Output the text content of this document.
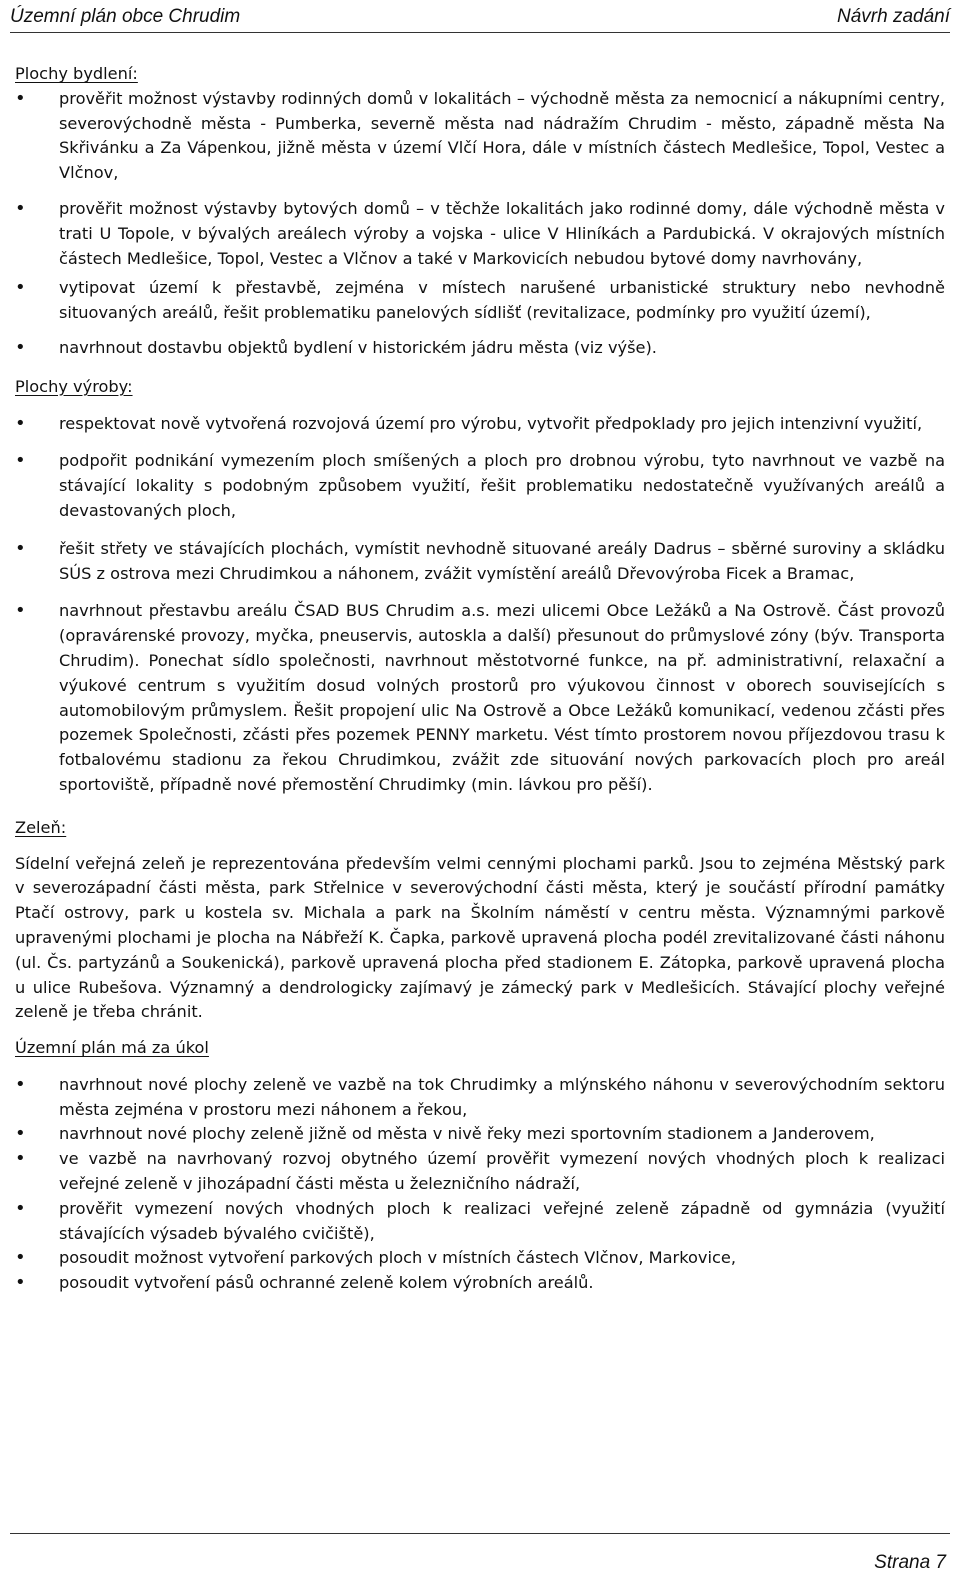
Územní plán obce Chrudim	Návrh zadání
Plochy bydlení:
• prověřit možnost výstavby rodinných domů v lokalitách – východně města za nemocnicí a nákupními centry, severovýchodně města - Pumberka, severně města nad nádražím Chrudim - město, západně města Na Skřivánku a Za Vápenkou, jižně města v území Vlčí Hora, dále v místních částech Medlešice, Topol, Vestec a Vlčnov,
• prověřit možnost výstavby bytových domů – v těchže lokalitách jako rodinné domy, dále východně města v trati U Topole, v bývalých areálech výroby a vojska - ulice V Hliníkách a Pardubická. V okrajových místních částech Medlešice, Topol, Vestec a Vlčnov a také v Markovicích nebudou bytové domy navrhovány,
• vytipovat území k přestavbě, zejména v místech narušené urbanistické struktury nebo nevhodně situovaných areálů, řešit problematiku panelových sídlišť (revitalizace, podmínky pro využití území),
• navrhnout dostavbu objektů bydlení v historickém jádru města (viz výše).
Plochy výroby:
• respektovat nově vytvořená rozvojová území pro výrobu, vytvořit předpoklady pro jejich intenzivní využití,
• podpořit podnikání vymezením ploch smíšených a ploch pro drobnou výrobu, tyto navrhnout ve vazbě na stávající lokality s podobným způsobem využití, řešit problematiku nedostatečně využívaných areálů a devastovaných ploch,
• řešit střety ve stávajících plochách, vymístit nevhodně situované areály Dadrus – sběrné suroviny a skládku SÚS z ostrova mezi Chrudimkou a náhonem, zvážit vymístění areálů Dřevovýroba Ficek a Bramac,
• navrhnout přestavbu areálu ČSAD BUS Chrudim a.s. mezi ulicemi Obce Ležáků a Na Ostrově. Část provozů (opravárenské provozy, myčka, pneuservis, autoskla a další) přesunout do průmyslové zóny (býv. Transporta Chrudim). Ponechat sídlo společnosti, navrhnout městotvorné funkce, na př. administrativní, relaxační a výukové centrum s využitím dosud volných prostorů pro výukovou činnost v oborech souvisejících s automobilovým průmyslem. Řešit propojení ulic Na Ostrově a Obce Ležáků komunikací, vedenou zčásti přes pozemek Společnosti, zčásti přes pozemek PENNY marketu. Vést tímto prostorem novou příjezdovou trasu k fotbalovému stadionu za řekou Chrudimkou, zvážit zde situování nových parkovacích ploch pro areál sportoviště, případně nové přemostění Chrudimky (min. lávkou pro pěší).
Zeleň:
Sídelní veřejná zeleň je reprezentována především velmi cennými plochami parků. Jsou to zejména Městský park v severozápadní části města, park Střelnice v severovýchodní části města, který je součástí přírodní památky Ptačí ostrovy, park u kostela sv. Michala a park na Školním náměstí v centru města. Významnými parkově upravenými plochami je plocha na Nábřeží K. Čapka, parkově upravená plocha podél zrevitalizované části náhonu (ul. Čs. partyzánů a Soukenická), parkově upravená plocha před stadionem E. Zátopka, parkově upravená plocha u ulice Rubešova. Významný a dendrologicky zajímavý je zámecký park v Medlešicích. Stávající plochy veřejné zeleně je třeba chránit.
Územní plán má za úkol
• navrhnout nové plochy zeleně ve vazbě na tok Chrudimky a mlýnského náhonu v severovýchodním sektoru města zejména v prostoru mezi náhonem a řekou,
• navrhnout nové plochy zeleně jižně od města v nivě řeky mezi sportovním stadionem a Janderovem,
• ve vazbě na navrhovaný rozvoj obytného území prověřit vymezení nových vhodných ploch k realizaci veřejné zeleně v jihozápadní části města u železničního nádraží,
• prověřit vymezení nových vhodných ploch k realizaci veřejné zeleně západně od gymnázia (využití stávajících výsadeb bývalého cvičiště),
• posoudit možnost vytvoření parkových ploch v místních částech Vlčnov, Markovice,
• posoudit vytvoření pásů ochranné zeleně kolem výrobních areálů.
Strana 7
